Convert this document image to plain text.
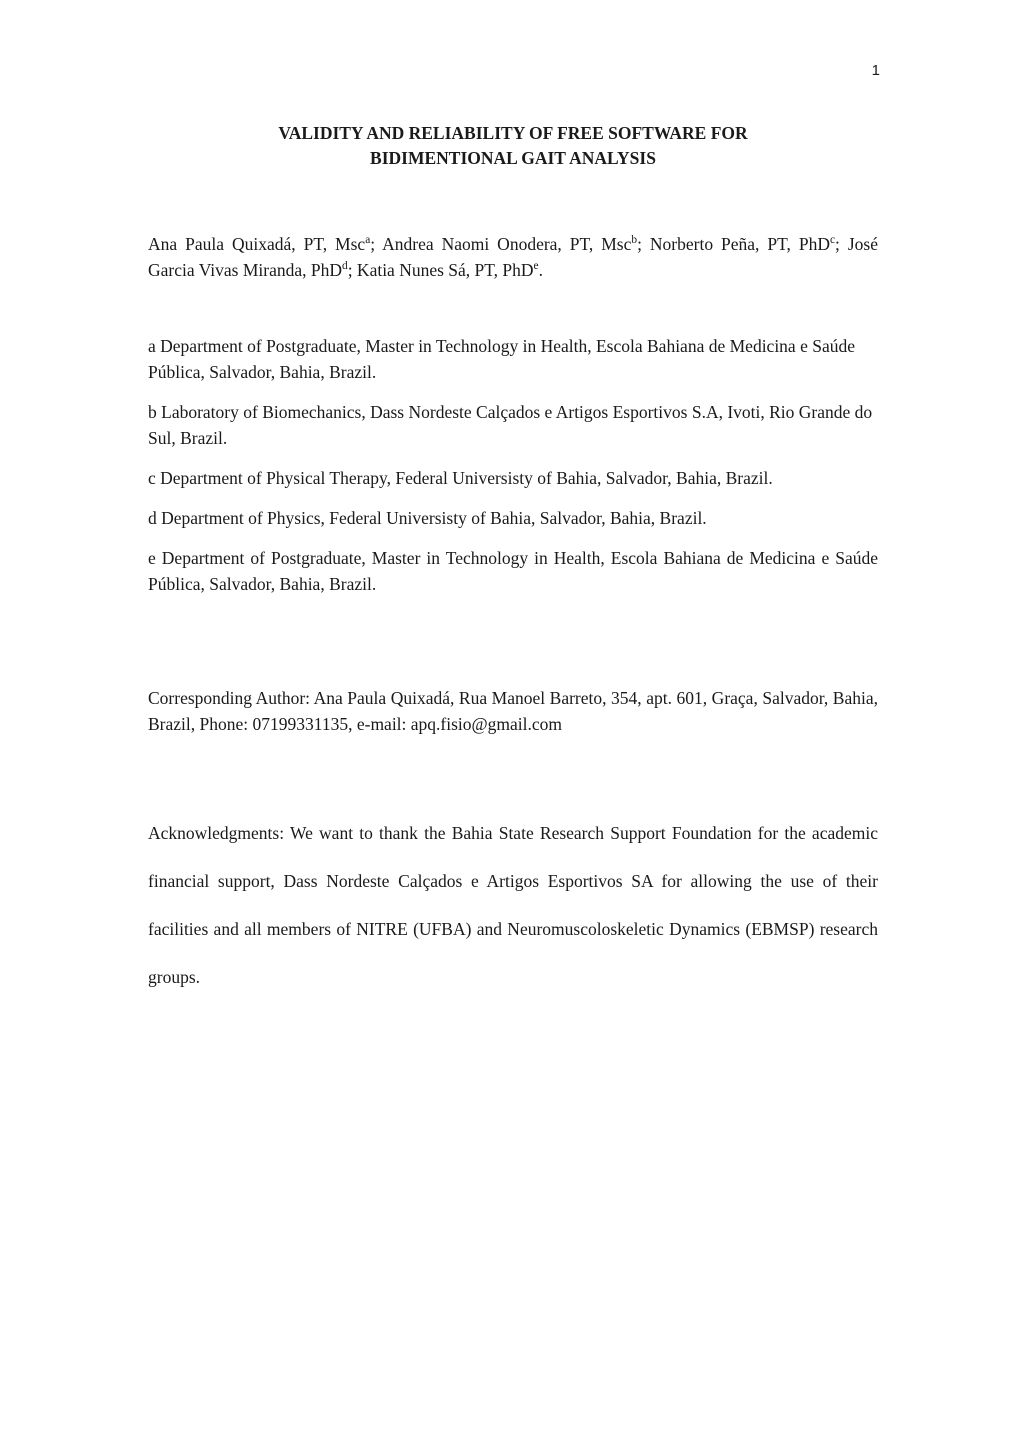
1
VALIDITY AND RELIABILITY OF FREE SOFTWARE FOR
BIDIMENTIONAL GAIT ANALYSIS

Ana Paula Quixadá, PT, Msc$^a$; Andrea Naomi Onodera, PT, Msc$^b$; Norberto Peña, PT, PhD$^c$; José Garcia Vivas Miranda, PhD$^d$; Katia Nunes Sá, PT, PhD$^e$.

a Department of Postgraduate, Master in Technology in Health, Escola Bahiana de Medicina e Saúde Pública, Salvador, Bahia, Brazil.

b Laboratory of Biomechanics, Dass Nordeste Calçados e Artigos Esportivos S.A, Ivoti, Rio Grande do Sul, Brazil.

c Department of Physical Therapy, Federal Universisty of Bahia, Salvador, Bahia, Brazil.

d Department of Physics, Federal Universisty of Bahia, Salvador, Bahia, Brazil.

e Department of Postgraduate, Master in Technology in Health, Escola Bahiana de Medicina e Saúde Pública, Salvador, Bahia, Brazil.

Corresponding Author: Ana Paula Quixadá, Rua Manoel Barreto, 354, apt. 601, Graça, Salvador, Bahia, Brazil, Phone: 07199331135, e-mail: apq.fisio@gmail.com

Acknowledgments: We want to thank the Bahia State Research Support Foundation for the academic financial support, Dass Nordeste Calçados e Artigos Esportivos SA for allowing the use of their facilities and all members of NITRE (UFBA) and Neuromuscoloskeletic Dynamics (EBMSP) research groups.
